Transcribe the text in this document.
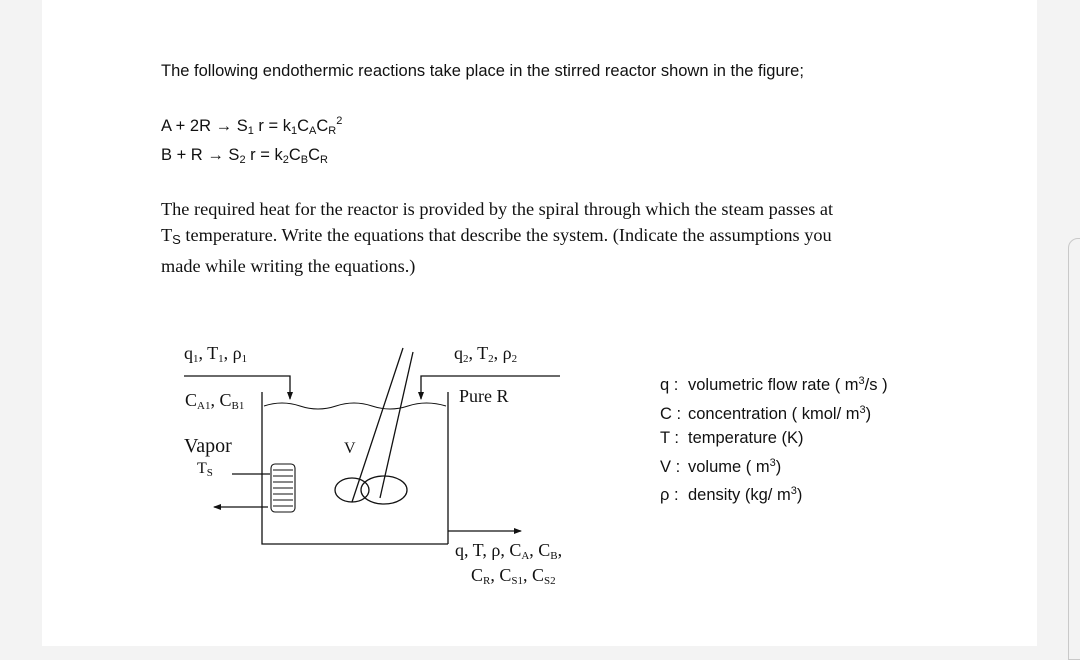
The following endothermic reactions take place in the stirred reactor shown in the figure;
$A + 2R \to S_1$ $r = k_1C_AC_R^2$
$B + R \to S_2$ $r = k_2C_BC_R$

The required heat for the reactor is provided by the spiral through which the steam passes at

$T_S$ temperature. Write the equations that describe the system. (Indicate the assumptions you

made while writing the equations.)

$q_1$, $T_1$, $\rho_1$	$q_2$, $T_2$, $\rho_2$
$C_{A1}$, $C_{B1}$	Pure R
Vapor
$T_S$
V
q, T, ρ, $C_A$, $C_B$,
$C_R$, $C_{S1}$, $C_{S2}$
q : volumetric flow rate ( $m^3/s$ )
C : concentration ( kmol/ $m^3$)
T : temperature (K)
V : volume ( $m^3$)
ρ : density (kg/ $m^3$)
